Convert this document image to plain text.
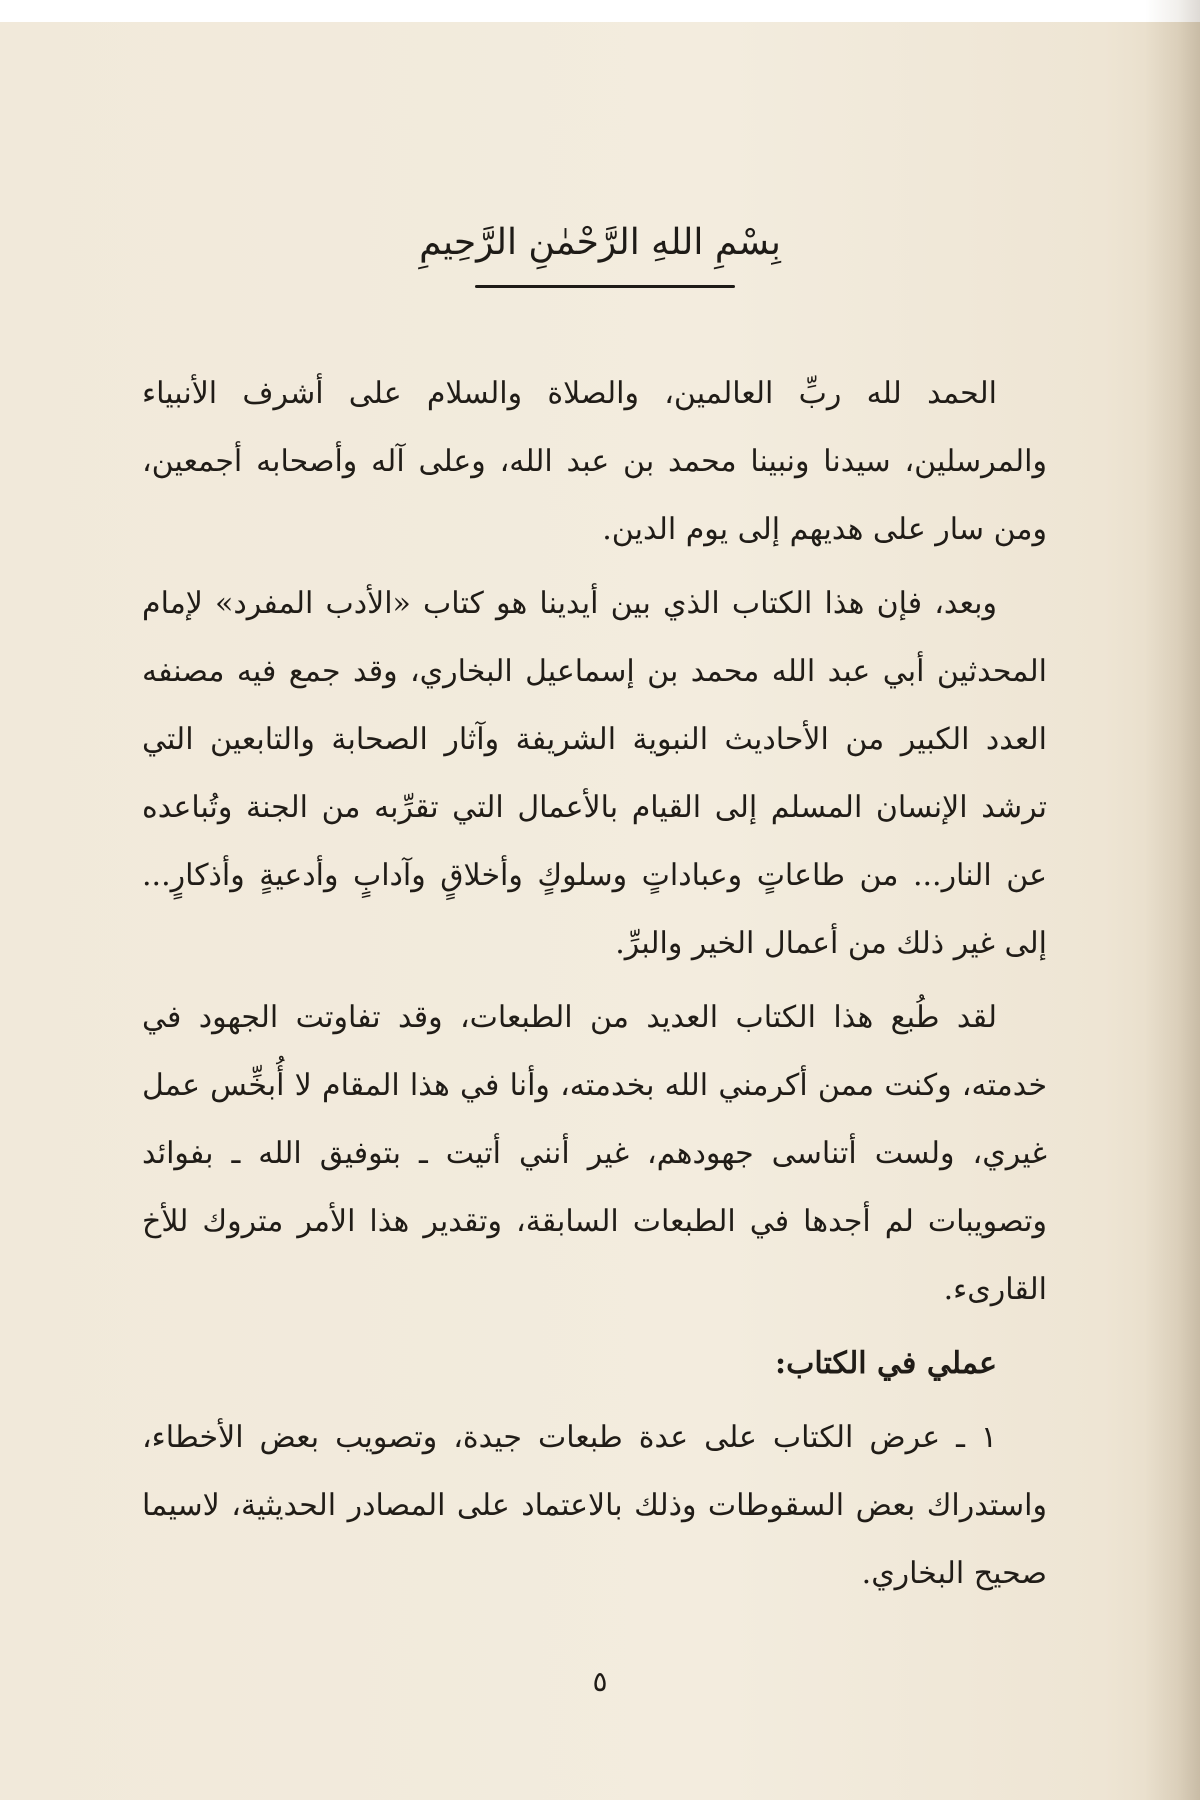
بِسْمِ اللهِ الرَّحْمٰنِ الرَّحِيمِ

الحمد لله ربِّ العالمين، والصلاة والسلام على أشرف الأنبياء والمرسلين، سيدنا ونبينا محمد بن عبد الله، وعلى آله وأصحابه أجمعين، ومن سار على هديهم إلى يوم الدين.

وبعد، فإن هذا الكتاب الذي بين أيدينا هو كتاب «الأدب المفرد» لإمام المحدثين أبي عبد الله محمد بن إسماعيل البخاري، وقد جمع فيه مصنفه العدد الكبير من الأحاديث النبوية الشريفة وآثار الصحابة والتابعين التي ترشد الإنسان المسلم إلى القيام بالأعمال التي تقرِّبه من الجنة وتُباعده عن النار... من طاعاتٍ وعباداتٍ وسلوكٍ وأخلاقٍ وآدابٍ وأدعيةٍ وأذكارٍ... إلى غير ذلك من أعمال الخير والبرِّ.

لقد طُبع هذا الكتاب العديد من الطبعات، وقد تفاوتت الجهود في خدمته، وكنت ممن أكرمني الله بخدمته، وأنا في هذا المقام لا أُبخِّس عمل غيري، ولست أتناسى جهودهم، غير أنني أتيت ـ بتوفيق الله ـ بفوائد وتصويبات لم أجدها في الطبعات السابقة، وتقدير هذا الأمر متروك للأخ القارىء.

عملي في الكتاب:

١ ـ عرض الكتاب على عدة طبعات جيدة، وتصويب بعض الأخطاء، واستدراك بعض السقوطات وذلك بالاعتماد على المصادر الحديثية، لاسيما صحيح البخاري.

٥
